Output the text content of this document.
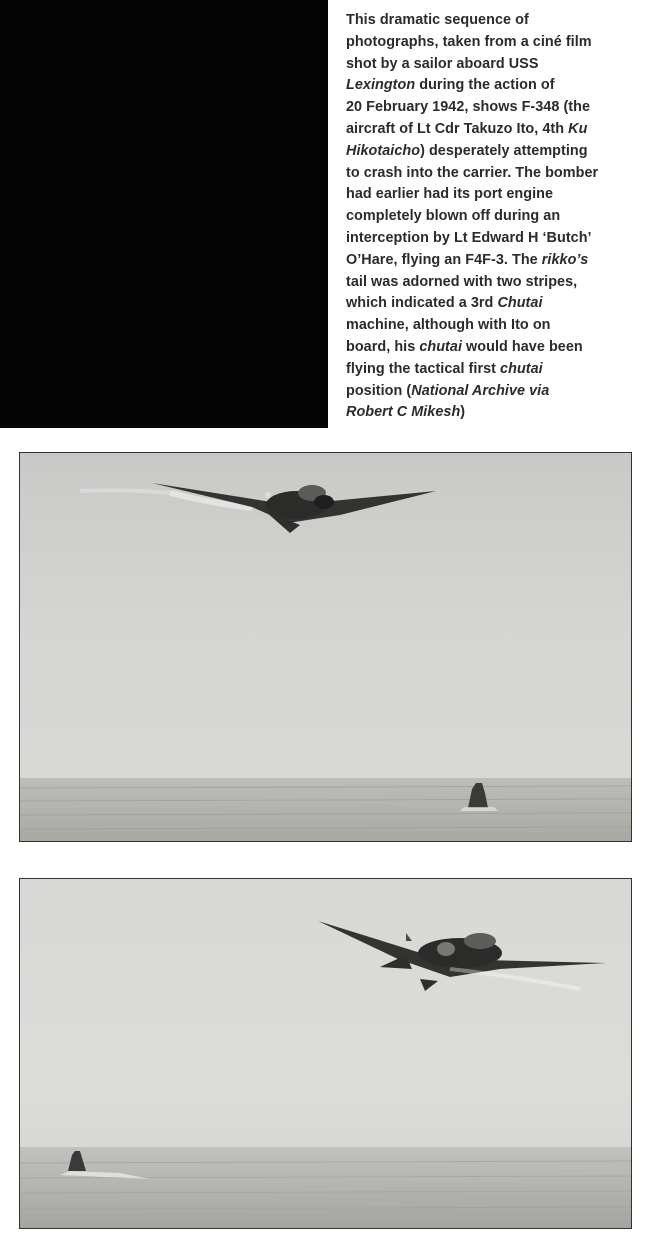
This dramatic sequence of
photographs, taken from a ciné film
shot by a sailor aboard USS
Lexington during the action of
20 February 1942, shows F-348 (the
aircraft of Lt Cdr Takuzo Ito, 4th Ku
Hikotaicho) desperately attempting
to crash into the carrier. The bomber
had earlier had its port engine
completely blown off during an
interception by Lt Edward H ‘Butch’
O’Hare, flying an F4F-3. The rikko’s
tail was adorned with two stripes,
which indicated a 3rd Chutai
machine, although with Ito on
board, his chutai would have been
flying the tactical first chutai
position (National Archive via
Robert C Mikesh)
